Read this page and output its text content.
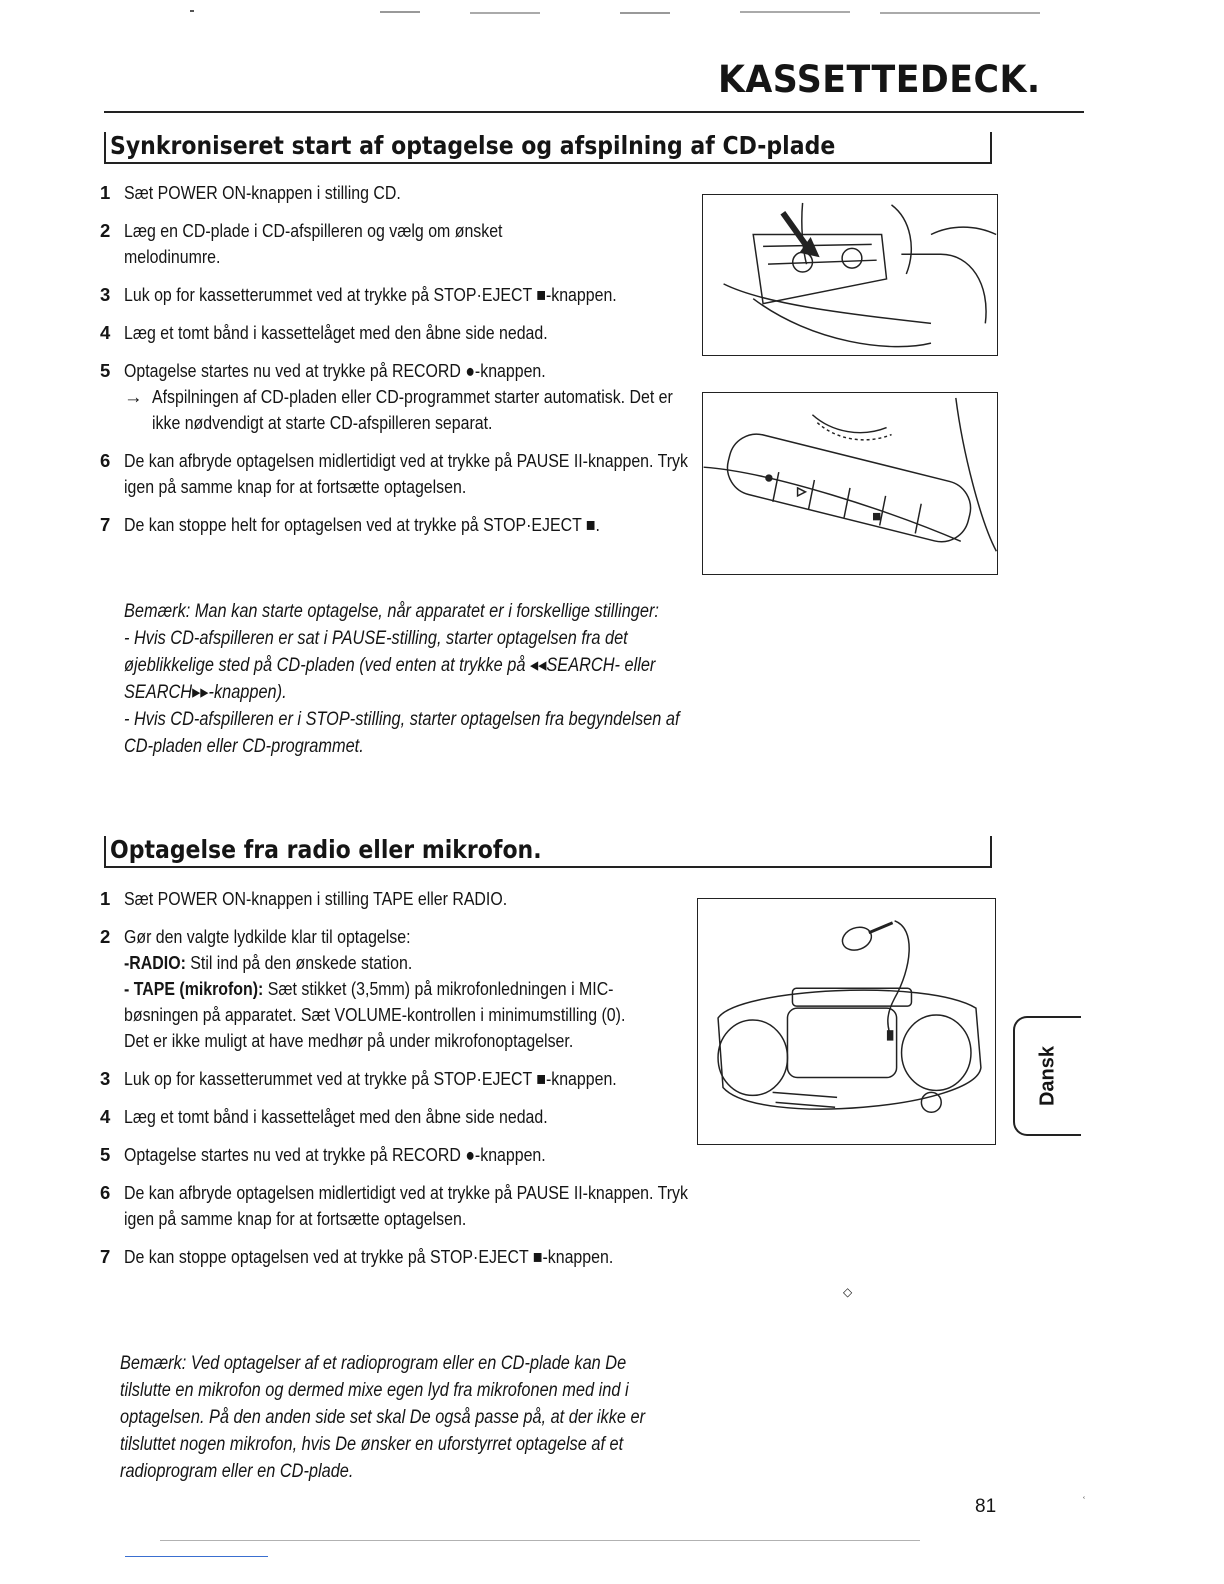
KASSETTEDECK.
Synkroniseret start af optagelse og afspilning af CD-plade
1 Sæt POWER ON-knappen i stilling CD.
2 Læg en CD-plade i CD-afspilleren og vælg om ønsket melodinumre.
3 Luk op for kassetterummet ved at trykke på STOP·EJECT ■-knappen.
4 Læg et tomt bånd i kassettelåget med den åbne side nedad.
5 Optagelse startes nu ved at trykke på RECORD ●-knappen.
→ Afspilningen af CD-pladen eller CD-programmet starter automatisk. Det er ikke nødvendigt at starte CD-afspilleren separat.
6 De kan afbryde optagelsen midlertidigt ved at trykke på PAUSE II-knappen. Tryk igen på samme knap for at fortsætte optagelsen.
7 De kan stoppe helt for optagelsen ved at trykke på STOP·EJECT ■.

Bemærk: Man kan starte optagelse, når apparatet er i forskellige stillinger:

- Hvis CD-afspilleren er sat i PAUSE-stilling, starter optagelsen fra det øjeblikkelige sted på CD-pladen (ved enten at trykke på ◂◂SEARCH- eller SEARCH▸▸-knappen).

- Hvis CD-afspilleren er i STOP-stilling, starter optagelsen fra begyndelsen af CD-pladen eller CD-programmet.

Optagelse fra radio eller mikrofon.
1 Sæt POWER ON-knappen i stilling TAPE eller RADIO.
2 Gør den valgte lydkilde klar til optagelse:
-RADIO: Stil ind på den ønskede station.
- TAPE (mikrofon): Sæt stikket (3,5mm) på mikrofonledningen i MIC-bøsningen på apparatet. Sæt VOLUME-kontrollen i minimumstilling (0). Det er ikke muligt at have medhør på under mikrofonoptagelser.
3 Luk op for kassetterummet ved at trykke på STOP·EJECT ■-knappen.
4 Læg et tomt bånd i kassettelåget med den åbne side nedad.
5 Optagelse startes nu ved at trykke på RECORD ●-knappen.
6 De kan afbryde optagelsen midlertidigt ved at trykke på PAUSE II-knappen. Tryk igen på samme knap for at fortsætte optagelsen.
7 De kan stoppe optagelsen ved at trykke på STOP·EJECT ■-knappen.

Bemærk: Ved optagelser af et radioprogram eller en CD-plade kan De tilslutte en mikrofon og dermed mixe egen lyd fra mikrofonen med ind i optagelsen. På den anden side set skal De også passe på, at der ikke er tilsluttet nogen mikrofon, hvis De ønsker en uforstyrret optagelse af et radioprogram eller en CD-plade.

Dansk
◇
ʿ
81
